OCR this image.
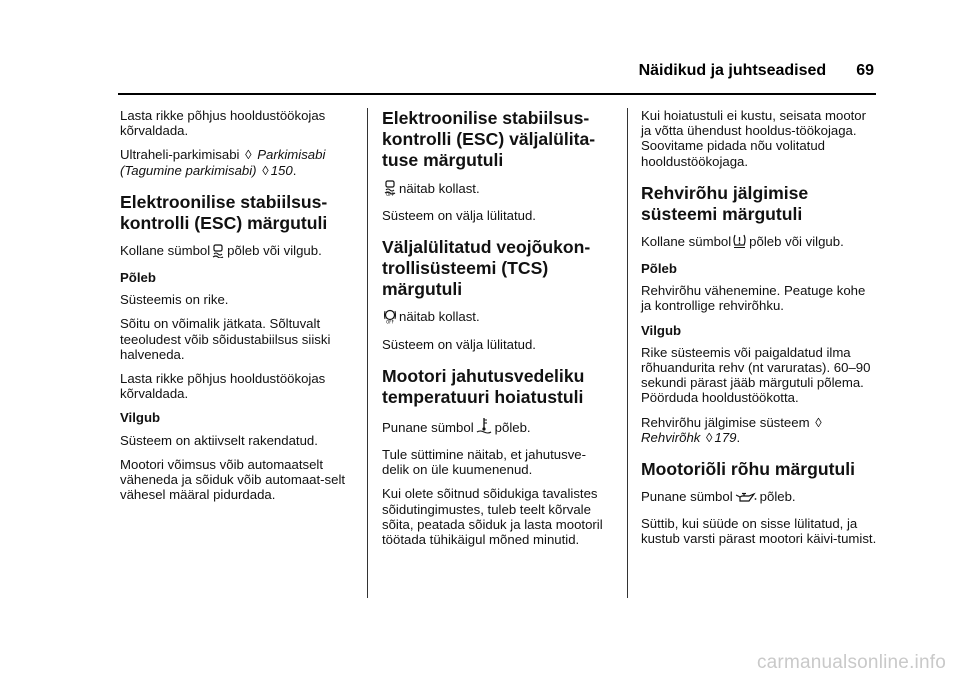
Näidikud ja juhtseadised 69

Lasta rikke põhjus hooldustöökojas kõrvaldada.

Ultraheli-parkimisabi ◊ Parkimisabi (Tagumine parkimisabi) ◊ 150.

Elektroonilise stabiilsus-kontrolli (ESC) märgutuli

Kollane sümbol põleb või vilgub.

Põleb

Süsteemis on rike.

Sõitu on võimalik jätkata. Sõltuvalt teeoludest võib sõidustabiilsus siiski halveneda.

Lasta rikke põhjus hooldustöökojas kõrvaldada.

Vilgub

Süsteem on aktiivselt rakendatud.

Mootori võimsus võib automaatselt väheneda ja sõiduk võib automaat-selt vähesel määral pidurdada.

Elektroonilise stabiilsus-kontrolli (ESC) väljalülita-tuse märgutuli

OFF näitab kollast.

Süsteem on välja lülitatud.

Väljalülitatud veojõukon-trollisüsteemi (TCS) märgutuli

OFF näitab kollast.

Süsteem on välja lülitatud.

Mootori jahutusvedeliku temperatuuri hoiatustuli

Punane sümbol põleb.

Tule süttimine näitab, et jahutusve-delik on üle kuumenenud.

Kui olete sõitnud sõidukiga tavalistes sõidutingimustes, tuleb teelt kõrvale sõita, peatada sõiduk ja lasta mootoril töötada tühikäigul mõned minutid.

Kui hoiatustuli ei kustu, seisata mootor ja võtta ühendust hooldus-töökojaga. Soovitame pidada nõu volitatud hooldustöökojaga.

Rehvirõhu jälgimise süsteemi märgutuli

Kollane sümbol põleb või vilgub.

Põleb

Rehvirõhu vähenemine. Peatuge kohe ja kontrollige rehvirõhku.

Vilgub

Rike süsteemis või paigaldatud ilma rõhuandurita rehv (nt varuratas). 60–90 sekundi pärast jääb märgutuli põlema. Pöörduda hooldustöökotta.

Rehvirõhu jälgimise süsteem ◊
Rehvirõhk ◊ 179.

Mootoriõli rõhu märgutuli

Punane sümbol põleb.

Süttib, kui süüde on sisse lülitatud, ja kustub varsti pärast mootori käivi-tumist.

carmanualsonline.info
